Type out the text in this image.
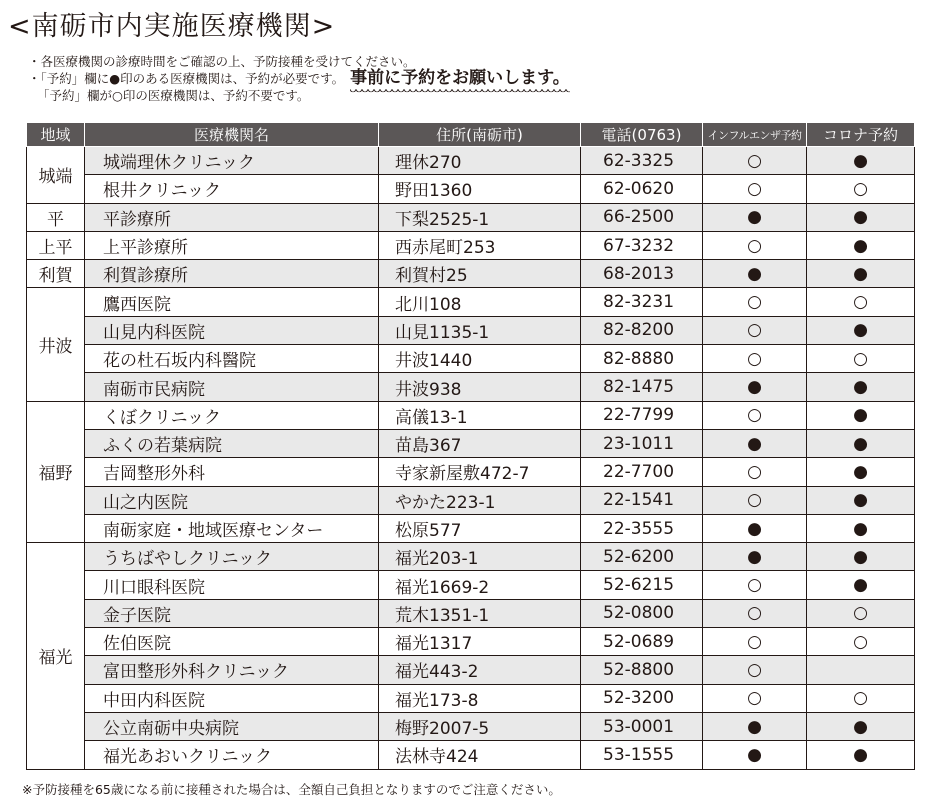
<南砺市内実施医療機関>
・各医療機関の診療時間をご確認の上、予防接種を受けてください。
・「予約」欄に●印のある医療機関は、予約が必要です。 事前に予約をお願いします。
「予約」欄が○印の医療機関は、予約不要です。
地域	医療機関名	住所(南砺市)	電話(0763)	インフルエンザ予約	コロナ予約
城端	城端理休クリニック	理休270	62-3325	○	●
	根井クリニック	野田1360	62-0620	○	○
平	平診療所	下梨2525-1	66-2500	●	●
上平	上平診療所	西赤尾町253	67-3232	○	●
利賀	利賀診療所	利賀村25	68-2013	●	●
井波	鷹西医院	北川108	82-3231	○	○
	山見内科医院	山見1135-1	82-8200	○	●
	花の杜石坂内科醫院	井波1440	82-8880	○	○
	南砺市民病院	井波938	82-1475	●	●
福野	くぼクリニック	高儀13-1	22-7799	○	●
	ふくの若葉病院	苗島367	23-1011	●	●
	吉岡整形外科	寺家新屋敷472-7	22-7700	○	●
	山之内医院	やかた223-1	22-1541	○	●
	南砺家庭・地域医療センター	松原577	22-3555	●	●
福光	うちばやしクリニック	福光203-1	52-6200	●	●
	川口眼科医院	福光1669-2	52-6215	○	●
	金子医院	荒木1351-1	52-0800	○	○
	佐伯医院	福光1317	52-0689	○	○
	富田整形外科クリニック	福光443-2	52-8800	○	
	中田内科医院	福光173-8	52-3200	○	○
	公立南砺中央病院	梅野2007-5	53-0001	●	●
	福光あおいクリニック	法林寺424	53-1555	●	●
※予防接種を65歳になる前に接種された場合は、全額自己負担となりますのでご注意ください。
